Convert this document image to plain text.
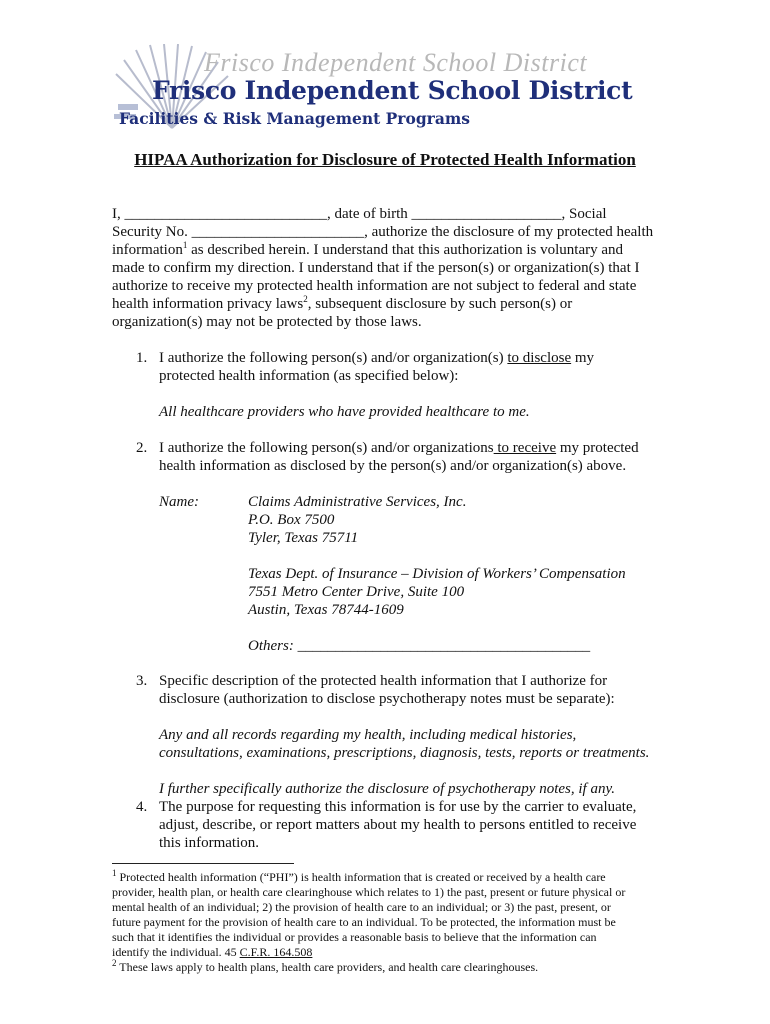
Frisco Independent School District
Frisco Independent School District
Facilities & Risk Management Programs
HIPAA Authorization for Disclosure of Protected Health Information
I, ___________________________, date of birth ____________________, Social
Security No. _______________________, authorize the disclosure of my protected health
information$^1$ as described herein. I understand that this authorization is voluntary and
made to confirm my direction. I understand that if the person(s) or organization(s) that I
authorize to receive my protected health information are not subject to federal and state
health information privacy laws$^2$, subsequent disclosure by such person(s) or
organization(s) may not be protected by those laws.
1. I authorize the following person(s) and/or organization(s) to disclose my
protected health information (as specified below):
All healthcare providers who have provided healthcare to me.
2. I authorize the following person(s) and/or organizations to receive my protected
health information as disclosed by the person(s) and/or organization(s) above.
Name:	Claims Administrative Services, Inc.
P.O. Box 7500
Tyler, Texas 75711
Texas Dept. of Insurance – Division of Workers’ Compensation
7551 Metro Center Drive, Suite 100
Austin, Texas 78744-1609
Others: _______________________________________
3. Specific description of the protected health information that I authorize for
disclosure (authorization to disclose psychotherapy notes must be separate):
Any and all records regarding my health, including medical histories,
consultations, examinations, prescriptions, diagnosis, tests, reports or treatments.
I further specifically authorize the disclosure of psychotherapy notes, if any.
4. The purpose for requesting this information is for use by the carrier to evaluate,
adjust, describe, or report matters about my health to persons entitled to receive
this information.
$^1$ Protected health information (“PHI”) is health information that is created or received by a health care
provider, health plan, or health care clearinghouse which relates to 1) the past, present or future physical or
mental health of an individual; 2) the provision of health care to an individual; or 3) the past, present, or
future payment for the provision of health care to an individual. To be protected, the information must be
such that it identifies the individual or provides a reasonable basis to believe that the information can
identify the individual. 45 C.F.R. 164.508
$^2$ These laws apply to health plans, health care providers, and health care clearinghouses.
